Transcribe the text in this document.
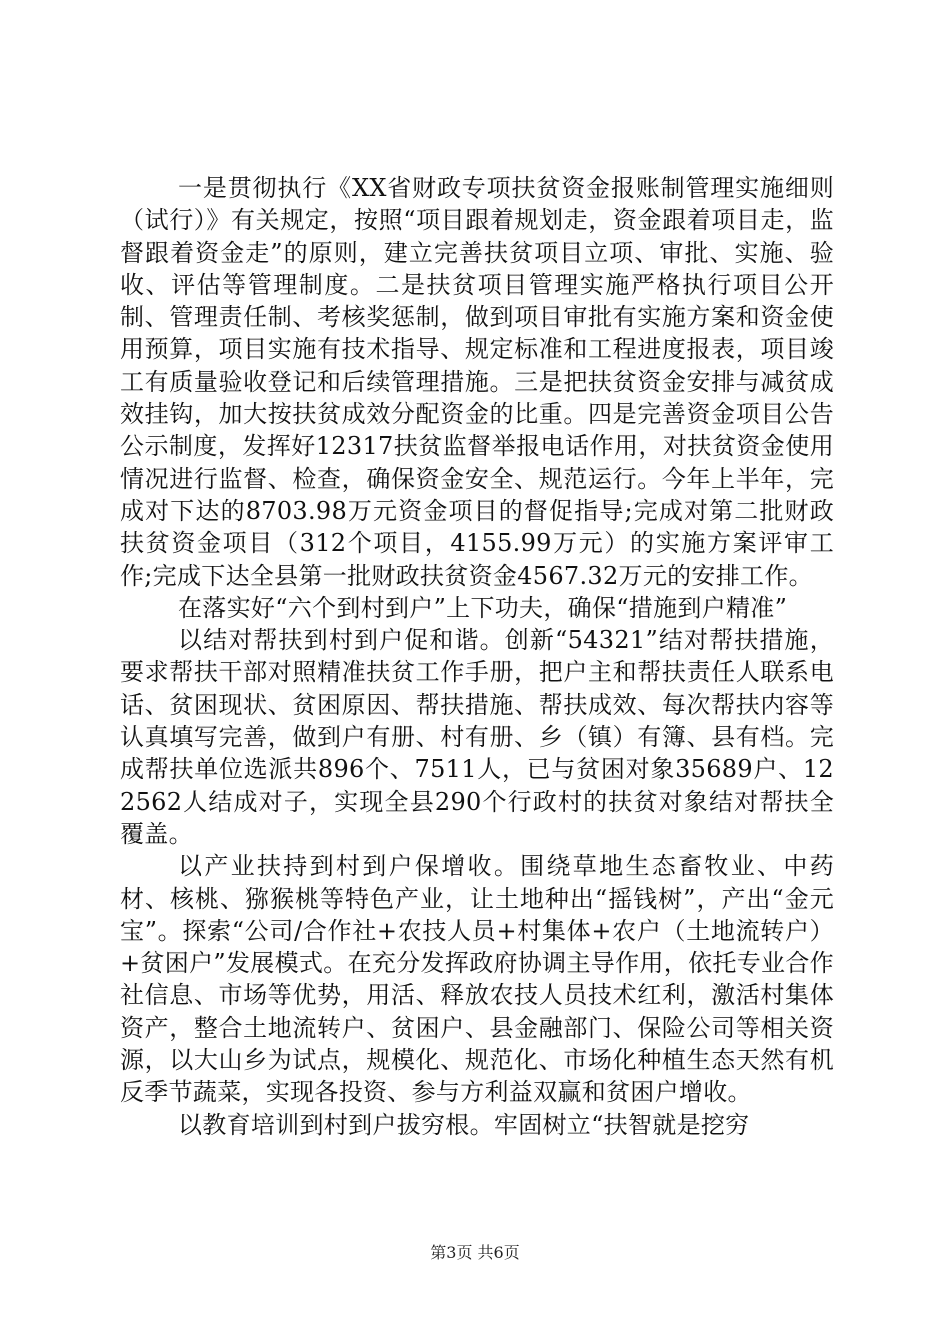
一是贯彻执行《XX省财政专项扶贫资金报账制管理实施细则（试行）》有关规定，按照“项目跟着规划走，资金跟着项目走，监督跟着资金走”的原则，建立完善扶贫项目立项、审批、实施、验收、评估等管理制度。二是扶贫项目管理实施严格执行项目公开制、管理责任制、考核奖惩制，做到项目审批有实施方案和资金使用预算，项目实施有技术指导、规定标准和工程进度报表，项目竣工有质量验收登记和后续管理措施。三是把扶贫资金安排与减贫成效挂钩，加大按扶贫成效分配资金的比重。四是完善资金项目公告公示制度，发挥好12317扶贫监督举报电话作用，对扶贫资金使用情况进行监督、检查，确保资金安全、规范运行。今年上半年，完成对下达的8703.98万元资金项目的督促指导;完成对第二批财政扶贫资金项目（312个项目，4155.99万元）的实施方案评审工作;完成下达全县第一批财政扶贫资金4567.32万元的安排工作。

在落实好“六个到村到户”上下功夫，确保“措施到户精准”

以结对帮扶到村到户促和谐。创新“54321”结对帮扶措施，要求帮扶干部对照精准扶贫工作手册，把户主和帮扶责任人联系电话、贫困现状、贫困原因、帮扶措施、帮扶成效、每次帮扶内容等认真填写完善，做到户有册、村有册、乡（镇）有簿、县有档。完成帮扶单位选派共896个、7511人，已与贫困对象35689户、122562人结成对子，实现全县290个行政村的扶贫对象结对帮扶全覆盖。

以产业扶持到村到户保增收。围绕草地生态畜牧业、中药材、核桃、猕猴桃等特色产业，让土地种出“摇钱树”，产出“金元宝”。探索“公司/合作社+农技人员+村集体+农户（土地流转户）+贫困户”发展模式。在充分发挥政府协调主导作用，依托专业合作社信息、市场等优势，用活、释放农技人员技术红利，激活村集体资产，整合土地流转户、贫困户、县金融部门、保险公司等相关资源，以大山乡为试点，规模化、规范化、市场化种植生态天然有机反季节蔬菜，实现各投资、参与方利益双赢和贫困户增收。

以教育培训到村到户拔穷根。牢固树立“扶智就是挖穷

第3页 共6页
